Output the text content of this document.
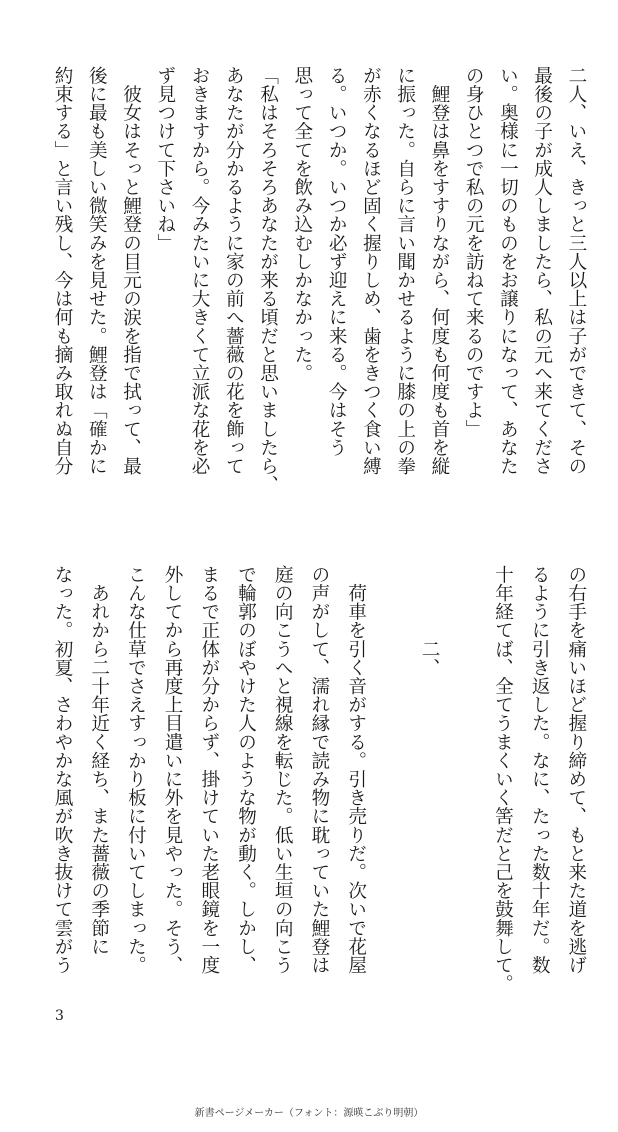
二人、いえ、きっと三人以上は子ができて、その
最後の子が成人しましたら、私の元へ来てくださ
い。奥様に一切のものをお譲りになって、あなた
の身ひとつで私の元を訪ねて来るのですよ」
　鯉登は鼻をすすりながら、何度も何度も首を縦
に振った。自らに言い聞かせるように膝の上の拳
が赤くなるほど固く握りしめ、歯をきつく食い縛
る。いつか。いつか必ず迎えに来る。今はそう
思って全てを飲み込むしかなかった。
「私はそろそろあなたが来る頃だと思いましたら、
あなたが分かるように家の前へ薔薇の花を飾って
おきますから。今みたいに大きくて立派な花を必
ず見つけて下さいね」
　彼女はそっと鯉登の目元の涙を指で拭って、最
後に最も美しい微笑みを見せた。鯉登は「確かに
約束する」と言い残し、今は何も摘み取れぬ自分
の右手を痛いほど握り締めて、もと来た道を逃げ
るように引き返した。なに、たった数十年だ。数
十年経てば、全てうまくいく筈だと己を鼓舞して。
　　　　二、
　荷車を引く音がする。引き売りだ。次いで花屋
の声がして、濡れ縁で読み物に耽っていた鯉登は
庭の向こうへと視線を転じた。低い生垣の向こう
で輪郭のぼやけた人のような物が動く。しかし、
まるで正体が分からず、掛けていた老眼鏡を一度
外してから再度上目遣いに外を見やった。そう、
こんな仕草でさえすっかり板に付いてしまった。
　あれから二十年近く経ち、また薔薇の季節に
なった。初夏、さわやかな風が吹き抜けて雲がう
3
新書ページメーカー（フォント：源暎こぶり明朝）
